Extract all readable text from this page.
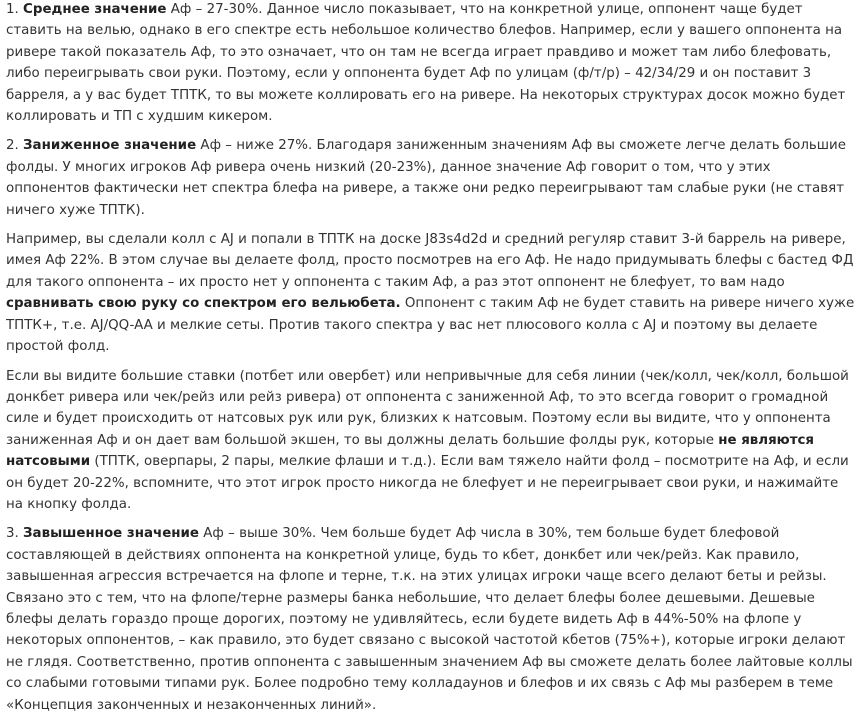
1. Среднее значение Аф – 27-30%. Данное число показывает, что на конкретной улице, оппонент чаще будет ставить на велью, однако в его спектре есть небольшое количество блефов. Например, если у вашего оппонента на ривере такой показатель Аф, то это означает, что он там не всегда играет правдиво и может там либо блефовать, либо переигрывать свои руки. Поэтому, если у оппонента будет Аф по улицам (ф/т/р) – 42/34/29 и он поставит 3 барреля, а у вас будет ТПТК, то вы можете коллировать его на ривере. На некоторых структурах досок можно будет коллировать и ТП с худшим кикером.

2. Заниженное значение Аф – ниже 27%. Благодаря заниженным значениям Аф вы сможете легче делать большие фолды. У многих игроков Аф ривера очень низкий (20-23%), данное значение Аф говорит о том, что у этих оппонентов фактически нет спектра блефа на ривере, а также они редко переигрывают там слабые руки (не ставят ничего хуже ТПТК).

Например, вы сделали колл с AJ и попали в ТПТК на доске J83s4d2d и средний регуляр ставит 3-й баррель на ривере, имея Аф 22%. В этом случае вы делаете фолд, просто посмотрев на его Аф. Не надо придумывать блефы с бастед ФД для такого оппонента – их просто нет у оппонента с таким Аф, а раз этот оппонент не блефует, то вам надо сравнивать свою руку со спектром его вельюбета. Оппонент с таким Аф не будет ставить на ривере ничего хуже ТПТК+, т.е. AJ/QQ-AA и мелкие сеты. Против такого спектра у вас нет плюсового колла с AJ и поэтому вы делаете простой фолд.

Если вы видите большие ставки (потбет или овербет) или непривычные для себя линии (чек/колл, чек/колл, большой донкбет ривера или чек/рейз или рейз ривера) от оппонента с заниженной Аф, то это всегда говорит о громадной силе и будет происходить от натсовых рук или рук, близких к натсовым. Поэтому если вы видите, что у оппонента заниженная Аф и он дает вам большой экшен, то вы должны делать большие фолды рук, которые не являются натсовыми (ТПТК, оверпары, 2 пары, мелкие флаши и т.д.). Если вам тяжело найти фолд – посмотрите на Аф, и если он будет 20-22%, вспомните, что этот игрок просто никогда не блефует и не переигрывает свои руки, и нажимайте на кнопку фолда.

3. Завышенное значение Аф – выше 30%. Чем больше будет Аф числа в 30%, тем больше будет блефовой составляющей в действиях оппонента на конкретной улице, будь то кбет, донкбет или чек/рейз. Как правило, завышенная агрессия встречается на флопе и терне, т.к. на этих улицах игроки чаще всего делают беты и рейзы. Связано это с тем, что на флопе/терне размеры банка небольшие, что делает блефы более дешевыми. Дешевые блефы делать гораздо проще дорогих, поэтому не удивляйтесь, если будете видеть Аф в 44%-50% на флопе у некоторых оппонентов, – как правило, это будет связано с высокой частотой кбетов (75%+), которые игроки делают не глядя. Соответственно, против оппонента с завышенным значением Аф вы сможете делать более лайтовые коллы со слабыми готовыми типами рук. Более подробно тему колладаунов и блефов и их связь с Аф мы разберем в теме «Концепция законченных и незаконченных линий».
